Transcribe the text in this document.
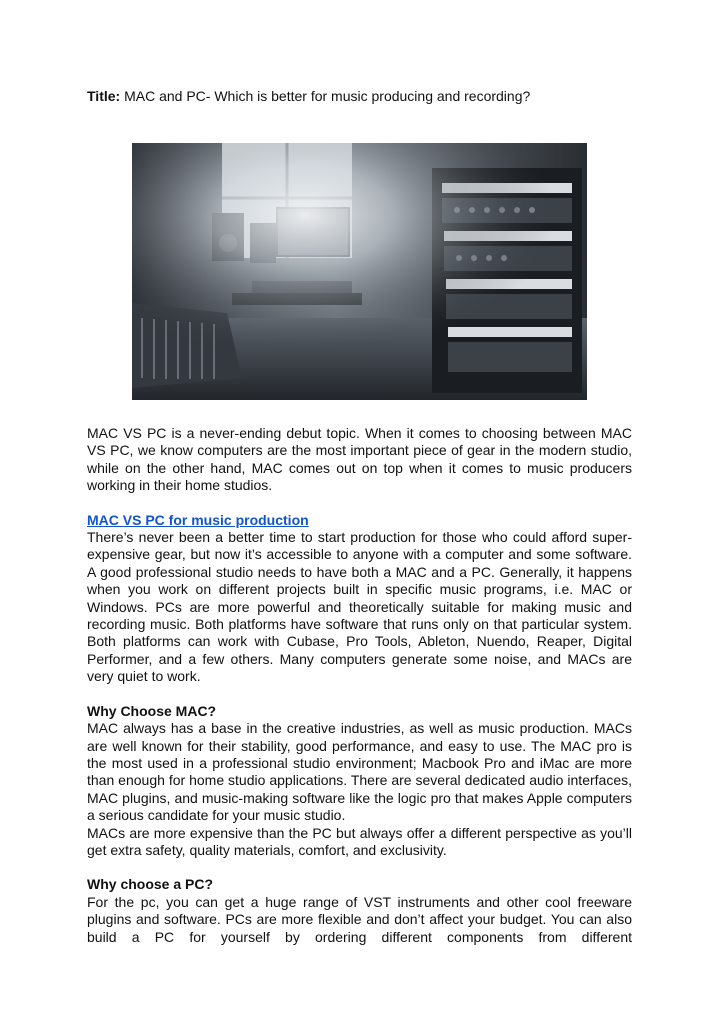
Title: MAC and PC- Which is better for music producing and recording?

MAC VS PC is a never-ending debut topic. When it comes to choosing between MAC VS PC, we know computers are the most important piece of gear in the modern studio, while on the other hand, MAC comes out on top when it comes to music producers working in their home studios.

MAC VS PC for music production

There’s never been a better time to start production for those who could afford super-expensive gear, but now it’s accessible to anyone with a computer and some software. A good professional studio needs to have both a MAC and a PC. Generally, it happens when you work on different projects built in specific music programs, i.e. MAC or Windows. PCs are more powerful and theoretically suitable for making music and recording music. Both platforms have software that runs only on that particular system. Both platforms can work with Cubase, Pro Tools, Ableton, Nuendo, Reaper, Digital Performer, and a few others. Many computers generate some noise, and MACs are very quiet to work.

Why Choose MAC?

MAC always has a base in the creative industries, as well as music production. MACs are well known for their stability, good performance, and easy to use. The MAC pro is the most used in a professional studio environment; Macbook Pro and iMac are more than enough for home studio applications. There are several dedicated audio interfaces, MAC plugins, and music-making software like the logic pro that makes Apple computers a serious candidate for your music studio.

MACs are more expensive than the PC but always offer a different perspective as you’ll get extra safety, quality materials, comfort, and exclusivity.

Why choose a PC?

For the pc, you can get a huge range of VST instruments and other cool freeware plugins and software. PCs are more flexible and don’t affect your budget. You can also build a PC for yourself by ordering different components from different
